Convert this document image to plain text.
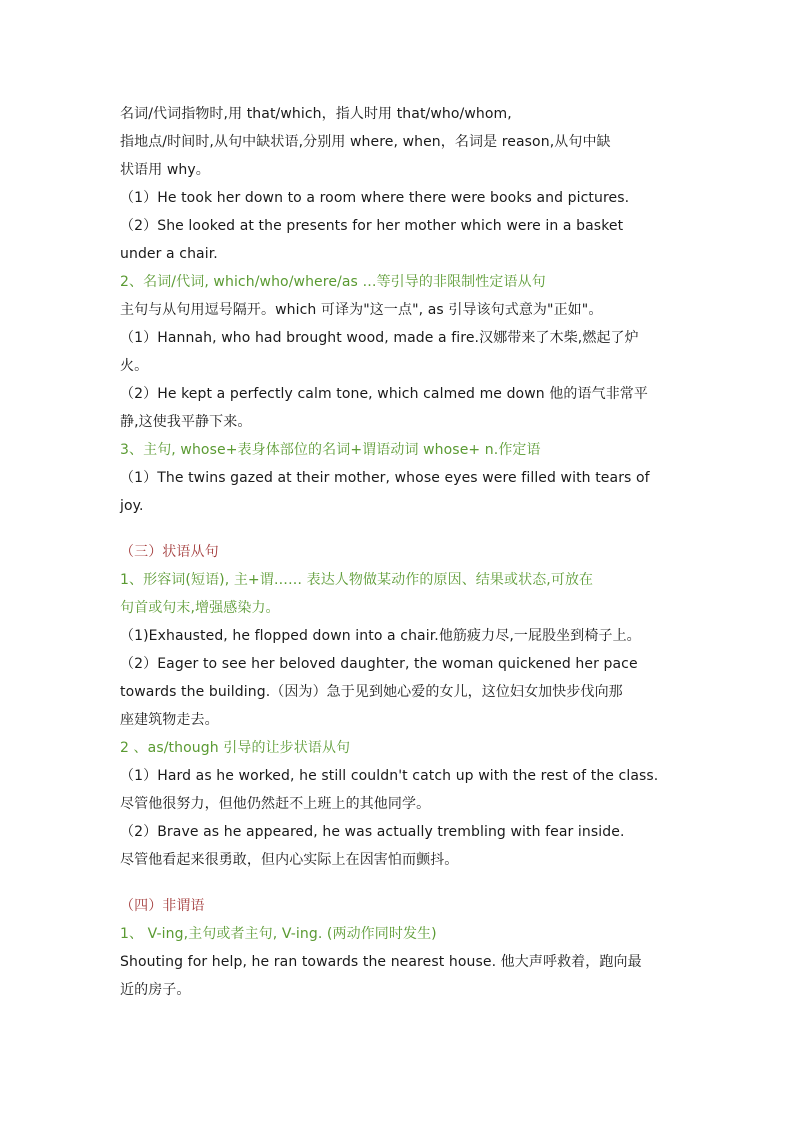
名词/代词指物时,用 that/which，指人时用 that/who/whom,
指地点/时间时,从句中缺状语,分别用 where, when，名词是 reason,从句中缺
状语用 why。
（1）He took her down to a room where there were books and pictures.
（2）She looked at the presents for her mother which were in a basket
under a chair.
2、名词/代词, which/who/where/as …等引导的非限制性定语从句
主句与从句用逗号隔开。which 可译为"这一点", as 引导该句式意为"正如"。
（1）Hannah, who had brought wood, made a fire.汉娜带来了木柴,燃起了炉
火。
（2）He kept a perfectly calm tone, which calmed me down 他的语气非常平
静,这使我平静下来。
3、主句, whose+表身体部位的名词+谓语动词 whose+ n.作定语
（1）The twins gazed at their mother, whose eyes were filled with tears of
joy.
（三）状语从句
1、形容词(短语), 主+谓…… 表达人物做某动作的原因、结果或状态,可放在
句首或句末,增强感染力。
（1)Exhausted, he flopped down into a chair.他筋疲力尽,一屁股坐到椅子上。
（2）Eager to see her beloved daughter, the woman quickened her pace
towards the building.（因为）急于见到她心爱的女儿，这位妇女加快步伐向那
座建筑物走去。
2 、as/though 引导的让步状语从句
（1）Hard as he worked, he still couldn't catch up with the rest of the class.
尽管他很努力，但他仍然赶不上班上的其他同学。
（2）Brave as he appeared, he was actually trembling with fear inside.
尽管他看起来很勇敢，但内心实际上在因害怕而颤抖。
（四）非谓语
1、 V-ing,主句或者主句, V-ing. (两动作同时发生)
Shouting for help, he ran towards the nearest house. 他大声呼救着，跑向最
近的房子。
